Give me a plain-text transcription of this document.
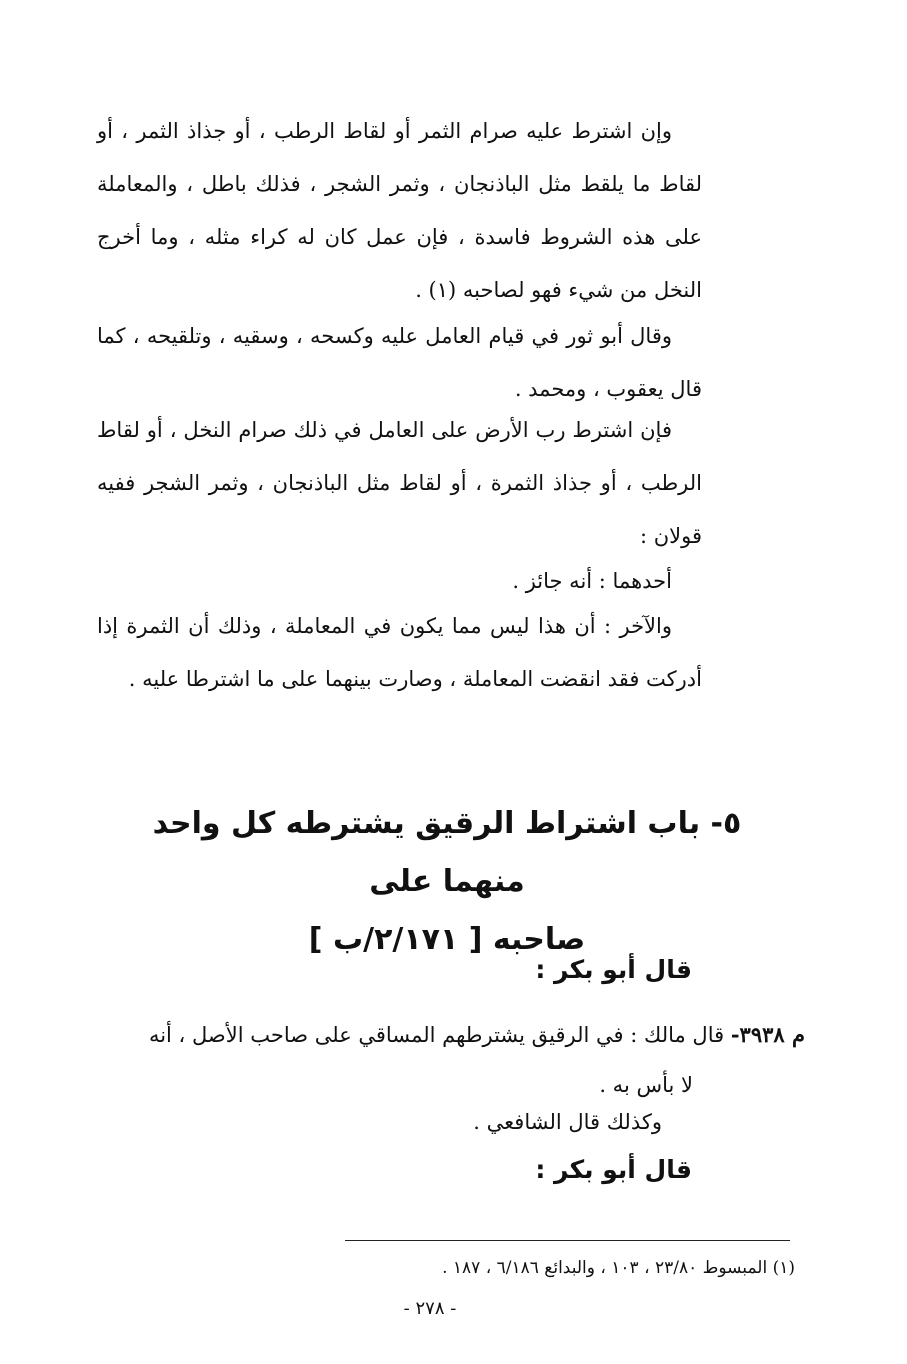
وإن اشترط عليه صرام الثمر أو لقاط الرطب ، أو جذاذ الثمر ، أو لقاط ما يلقط مثل الباذنجان ، وثمر الشجر ، فذلك باطل ، والمعاملة على هذه الشروط فاسدة ، فإن عمل كان له كراء مثله ، وما أخرج النخل من شيء فهو لصاحبه (١) .

وقال أبو ثور في قيام العامل عليه وكسحه ، وسقيه ، وتلقيحه ، كما قال يعقوب ، ومحمد .

فإن اشترط رب الأرض على العامل في ذلك صرام النخل ، أو لقاط الرطب ، أو جذاذ الثمرة ، أو لقاط مثل الباذنجان ، وثمر الشجر ففيه قولان :

أحدهما : أنه جائز .

والآخر : أن هذا ليس مما يكون في المعاملة ، وذلك أن الثمرة إذا أدركت فقد انقضت المعاملة ، وصارت بينهما على ما اشترطا عليه .

٥- باب اشتراط الرقيق يشترطه كل واحد منهما على
صاحبه [ ٢/١٧١/ب ]
قال أبو بكر :

م ٣٩٣٨- قال مالك : في الرقيق يشترطهم المساقي على صاحب الأصل ، أنه
لا بأس به .

وكذلك قال الشافعي .
قال أبو بكر :
(١) المبسوط ٢٣/٨٠ ، ١٠٣ ، والبدائع ٦/١٨٦ ، ١٨٧ .
- ٢٧٨ -
